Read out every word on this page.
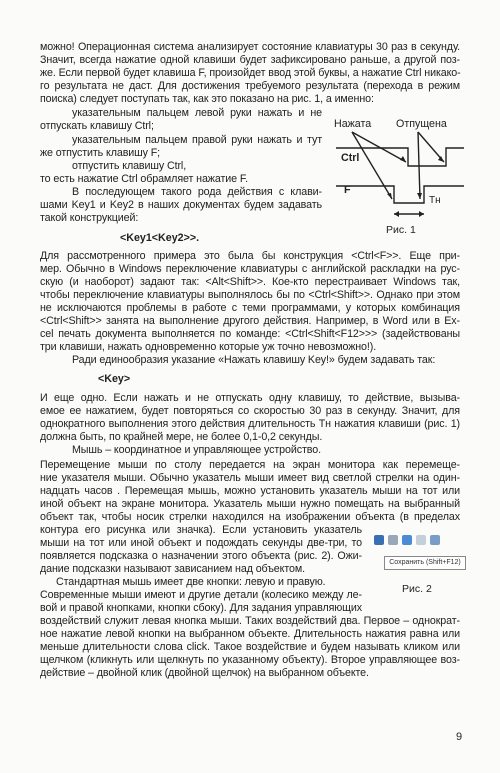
можно! Операционная система анализирует состояние клавиатуры 30 раз в секунду.
Значит, всегда нажатие одной клавиши будет зафиксировано раньше, а другой поз-
же. Если первой будет клавиша F, произойдет ввод этой буквы, а нажатие Ctrl никако-
го результата не даст. Для достижения требуемого результата (перехода в режим
поиска) следует поступать так, как это показано на рис. 1, а именно:
указательным пальцем левой руки нажать и не
отпускать клавишу Ctrl;
указательным пальцем правой руки нажать и тут
же отпустить клавишу F;
отпустить клавишу Ctrl,
то есть нажатие Ctrl обрамляет нажатие F.
В последующем такого рода действия с клави-
шами Key1 и Key2 в наших документах будем задавать
такой конструкцией:
<Key1<Key2>>.
Нажата Отпущена
Ctrl
F
Tн
Рис. 1
Для рассмотренного примера это была бы конструкция <Ctrl<F>>. Еще при-
мер. Обычно в Windows переключение клавиатуры с английской раскладки на рус-
скую (и наоборот) задают так: <Alt<Shift>>. Кое-кто перестраивает Windows так,
чтобы переключение клавиатуры выполнялось бы по <Ctrl<Shift>>. Однако при этом
не исключаются проблемы в работе с теми программами, у которых комбинация
<Ctrl<Shift>> занята на выполнение другого действия. Например, в Word или в Ex-
cel печать документа выполняется по команде: <Ctrl<Shift<F12>>> (задействованы
три клавиши, нажать одновременно которые уж точно невозможно!).
Ради единообразия указание «Нажать клавишу Key!» будем задавать так:
<Key>
И еще одно. Если нажать и не отпускать одну клавишу, то действие, вызыва-
емое ее нажатием, будет повторяться со скоростью 30 раз в секунду. Значит, для
однократного выполнения этого действия длительность Tн нажатия клавиши (рис. 1)
должна быть, по крайней мере, не более 0,1-0,2 секунды.
Мышь – координатное и управляющее устройство.
Перемещение мыши по столу передается на экран монитора как перемеще-
ние указателя мыши. Обычно указатель мыши имеет вид светлой стрелки на один-
надцать часов . Перемещая мышь, можно установить указатель мыши на тот или
иной объект на экране монитора. Указатель мыши нужно помещать на выбранный
объект так, чтобы носик стрелки находился на изображении объекта (в пределах
контура его рисунка или значка). Если установить указатель
мыши на тот или иной объект и подождать секунды две-три, то
появляется подсказка о назначении этого объекта (рис. 2). Ожи-
дание подсказки называют зависанием над объектом.
Стандартная мышь имеет две кнопки: левую и правую.
Современные мыши имеют и другие детали (колесико между ле-
вой и правой кнопками, кнопки сбоку). Для задания управляющих
Сохранить (Shift+F12)
Рис. 2
воздействий служит левая кнопка мыши. Таких воздействий два. Первое – однократ-
ное нажатие левой кнопки на выбранном объекте. Длительность нажатия равна или
меньше длительности слова click. Такое воздействие и будем называть кликом или
щелчком (кликнуть или щелкнуть по указанному объекту). Второе управляющее воз-
действие – двойной клик (двойной щелчок) на выбранном объекте.
9
